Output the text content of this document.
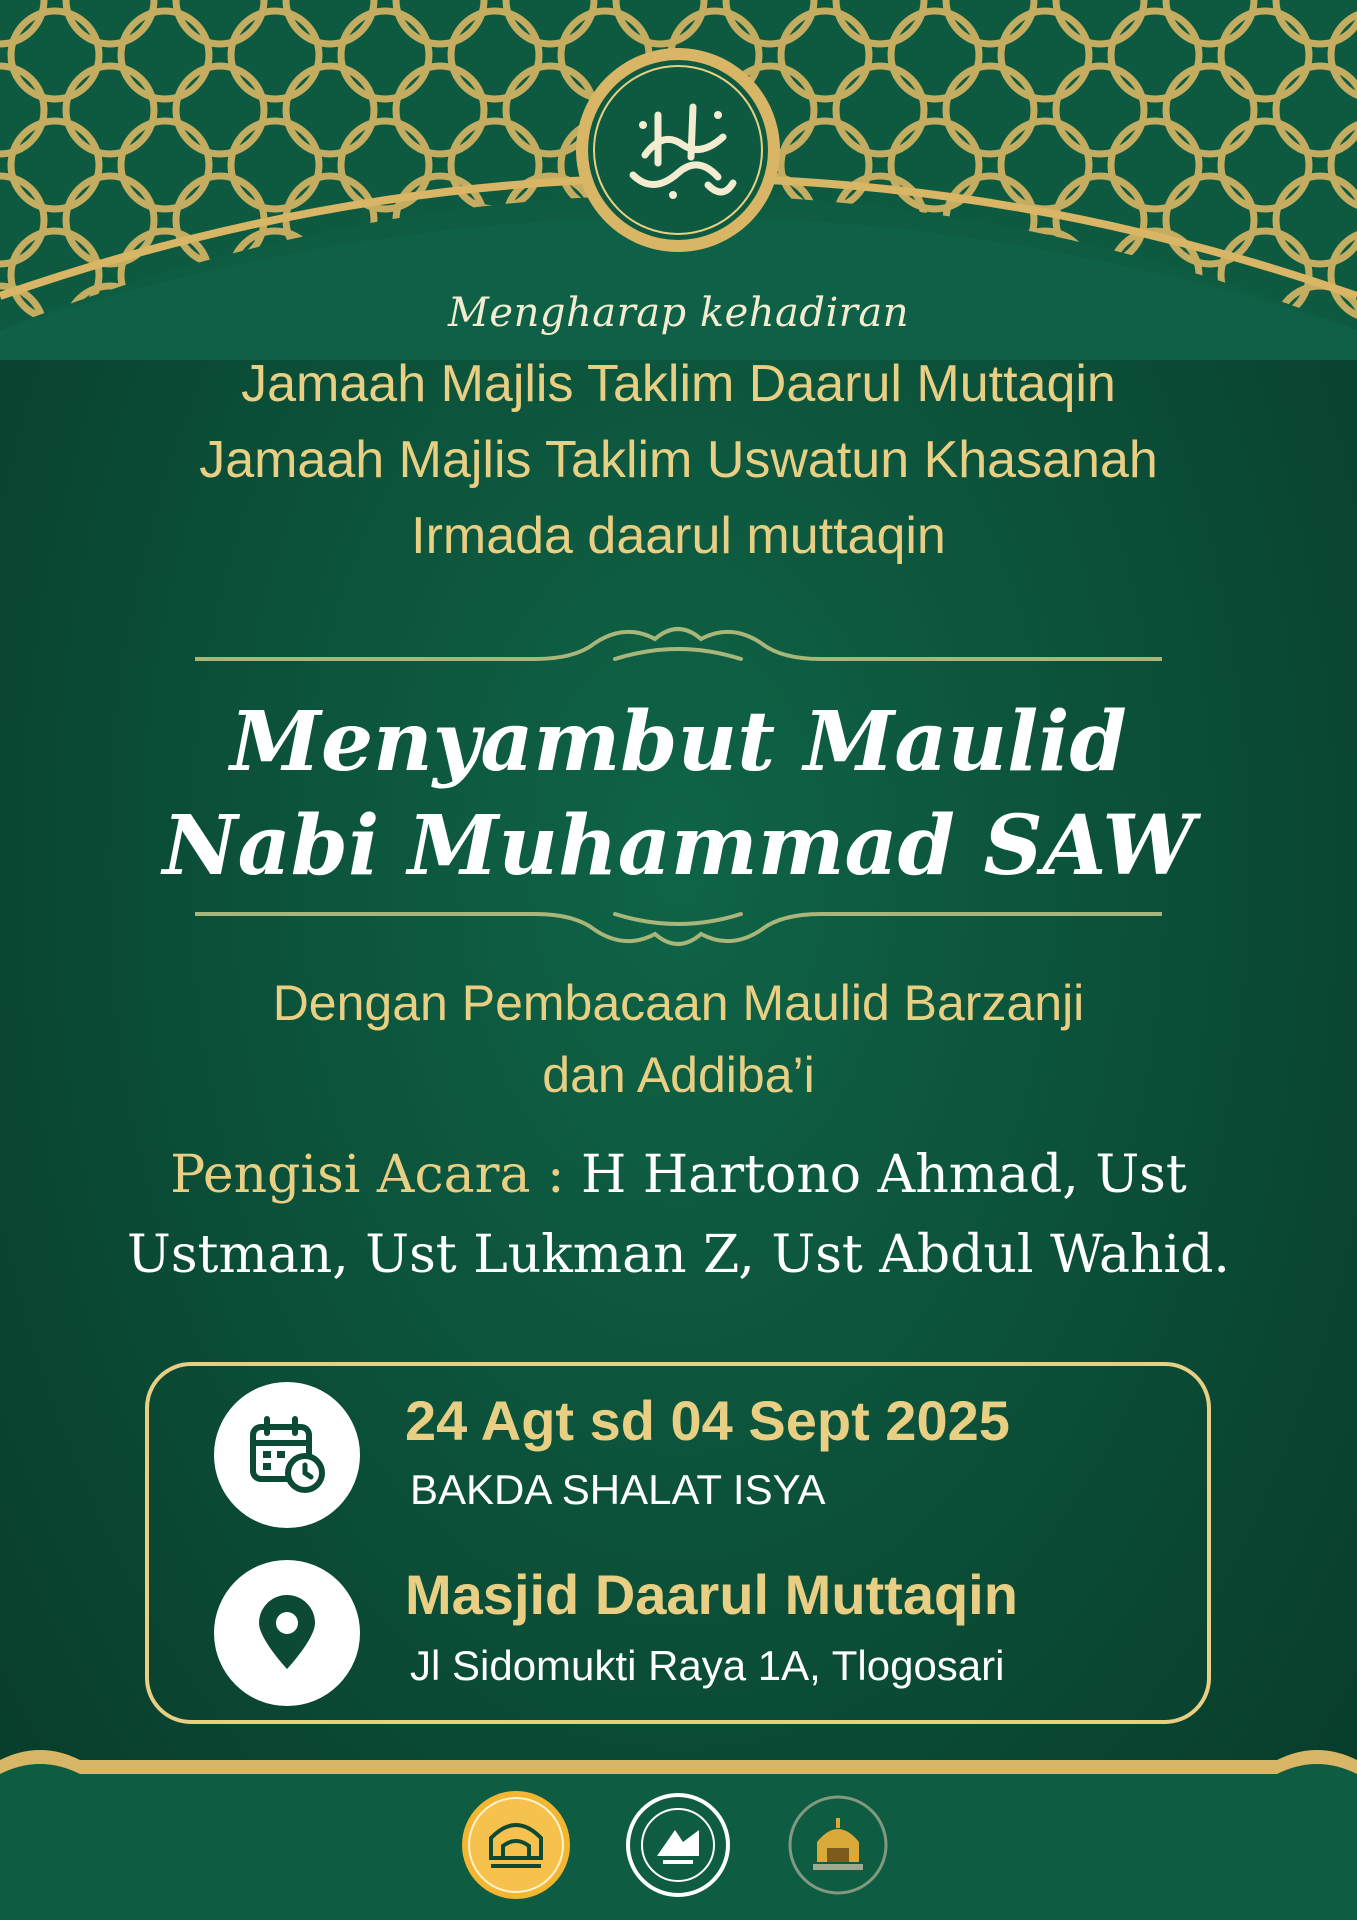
Mengharap kehadiran
Jamaah Majlis Taklim Daarul Muttaqin
Jamaah Majlis Taklim Uswatun Khasanah
Irmada daarul muttaqin
Menyambut Maulid
Nabi Muhammad SAW
Dengan Pembacaan Maulid Barzanji
dan Addiba’i
Pengisi Acara : H Hartono Ahmad, Ust
Ustman, Ust Lukman Z, Ust Abdul Wahid.
24 Agt sd 04 Sept 2025
BAKDA SHALAT ISYA
Masjid Daarul Muttaqin
Jl Sidomukti Raya 1A, Tlogosari
